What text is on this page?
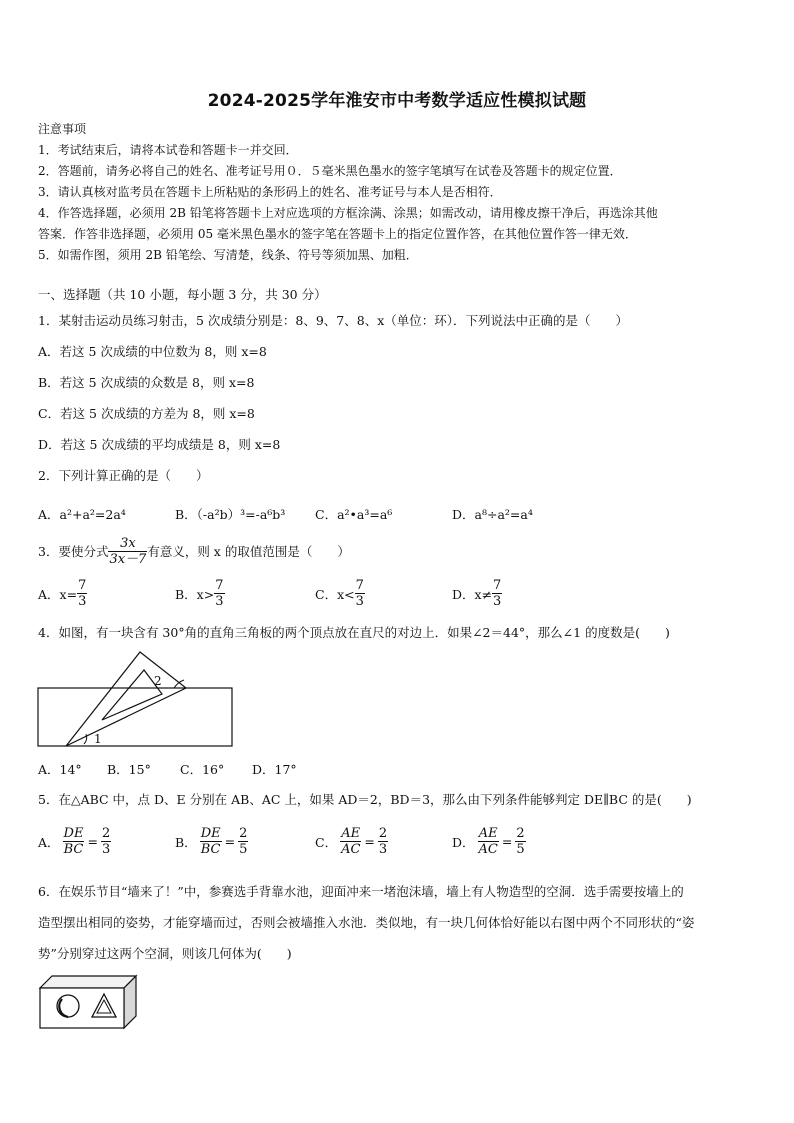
2024-2025学年淮安市中考数学适应性模拟试题
注意事项
1．考试结束后，请将本试卷和答题卡一并交回．
2．答题前，请务必将自己的姓名、准考证号用０．５毫米黑色墨水的签字笔填写在试卷及答题卡的规定位置．
3．请认真核对监考员在答题卡上所粘贴的条形码上的姓名、准考证号与本人是否相符．
4．作答选择题，必须用 2B 铅笔将答题卡上对应选项的方框涂满、涂黑；如需改动，请用橡皮擦干净后，再选涂其他
答案．作答非选择题，必须用 05 毫米黑色墨水的签字笔在答题卡上的指定位置作答，在其他位置作答一律无效．
5．如需作图，须用 2B 铅笔绘、写清楚，线条、符号等须加黑、加粗．
一、选择题（共 10 小题，每小题 3 分，共 30 分）
1．某射击运动员练习射击，5 次成绩分别是：8、9、7、8、x（单位：环）．下列说法中正确的是（　　）
A．若这 5 次成绩的中位数为 8，则 x=8
B．若这 5 次成绩的众数是 8，则 x=8
C．若这 5 次成绩的方差为 8，则 x=8
D．若这 5 次成绩的平均成绩是 8，则 x=8
2．下列计算正确的是（　　）
A．a²+a²=2a⁴	B．（-a²b）³=-a⁶b³ C．a²•a³=a⁶	D．a⁸÷a²=a⁴
3．要使分式 $\frac{3x}{3x-7}$ 有意义，则 x 的取值范围是（　　）
A．$x= \frac{7}{3}$	B．$x> \frac{7}{3}$	C．$x< \frac{7}{3}$	D．$x\ne \frac{7}{3}$
4．如图，有一块含有 30°角的直角三角板的两个顶点放在直尺的对边上．如果∠2＝44°，那么∠1 的度数是(　　)
2
1
A．14° B．15° C．16° D．17°
5．在△ABC 中，点 D、E 分别在 AB、AC 上，如果 AD＝2，BD＝3，那么由下列条件能够判定 DE∥BC 的是(　　)
A． $\frac{DE}{BC} = \frac{2}{3}$	B． $\frac{DE}{BC} = \frac{2}{5}$	C． $\frac{AE}{AC} = \frac{2}{3}$	D． $\frac{AE}{AC} = \frac{2}{5}$
6．在娱乐节目“墙来了！”中，参赛选手背靠水池，迎面冲来一堵泡沫墙，墙上有人物造型的空洞．选手需要按墙上的
造型摆出相同的姿势，才能穿墙而过，否则会被墙推入水池．类似地，有一块几何体恰好能以右图中两个不同形状的“姿
势”分别穿过这两个空洞，则该几何体为(　　)
